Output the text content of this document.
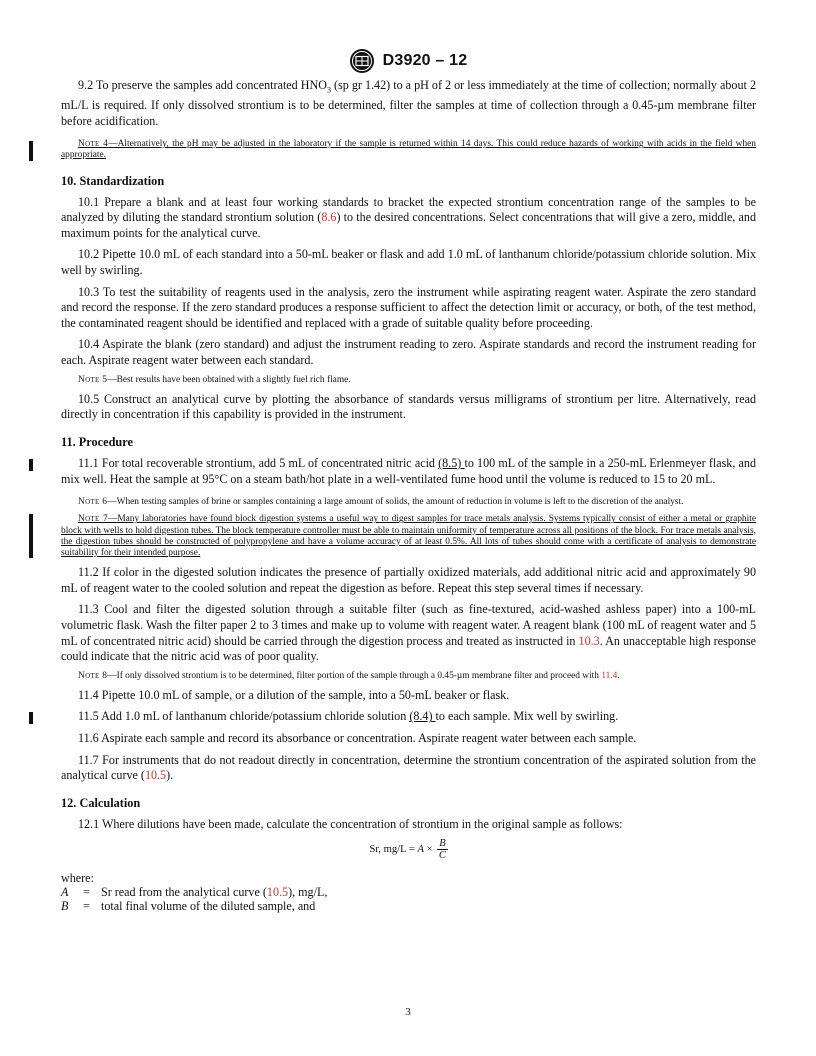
D3920 – 12

9.2 To preserve the samples add concentrated $HNO_3$ (sp gr 1.42) to a pH of 2 or less immediately at the time of collection; normally about 2 mL/L is required. If only dissolved strontium is to be determined, filter the samples at time of collection through a 0.45-µm membrane filter before acidification.

Note 4—Alternatively, the pH may be adjusted in the laboratory if the sample is returned within 14 days. This could reduce hazards of working with acids in the field when appropriate.

10. Standardization

10.1 Prepare a blank and at least four working standards to bracket the expected strontium concentration range of the samples to be analyzed by diluting the standard strontium solution (8.6) to the desired concentrations. Select concentrations that will give a zero, middle, and maximum points for the analytical curve.

10.2 Pipette 10.0 mL of each standard into a 50-mL beaker or flask and add 1.0 mL of lanthanum chloride/potassium chloride solution. Mix well by swirling.

10.3 To test the suitability of reagents used in the analysis, zero the instrument while aspirating reagent water. Aspirate the zero standard and record the response. If the zero standard produces a response sufficient to affect the detection limit or accuracy, or both, of the test method, the contaminated reagent should be identified and replaced with a grade of suitable quality before proceeding.

10.4 Aspirate the blank (zero standard) and adjust the instrument reading to zero. Aspirate standards and record the instrument reading for each. Aspirate reagent water between each standard.

Note 5—Best results have been obtained with a slightly fuel rich flame.

10.5 Construct an analytical curve by plotting the absorbance of standards versus milligrams of strontium per litre. Alternatively, read directly in concentration if this capability is provided in the instrument.

11. Procedure

11.1 For total recoverable strontium, add 5 mL of concentrated nitric acid (8.5) to 100 mL of the sample in a 250-mL Erlenmeyer flask, and mix well. Heat the sample at 95°C on a steam bath/hot plate in a well-ventilated fume hood until the volume is reduced to 15 to 20 mL.

Note 6—When testing samples of brine or samples containing a large amount of solids, the amount of reduction in volume is left to the discretion of the analyst.

Note 7—Many laboratories have found block digestion systems a useful way to digest samples for trace metals analysis. Systems typically consist of either a metal or graphite block with wells to hold digestion tubes. The block temperature controller must be able to maintain uniformity of temperature across all positions of the block. For trace metals analysis, the digestion tubes should be constructed of polypropylene and have a volume accuracy of at least 0.5%. All lots of tubes should come with a certificate of analysis to demonstrate suitability for their intended purpose.

11.2 If color in the digested solution indicates the presence of partially oxidized materials, add additional nitric acid and approximately 90 mL of reagent water to the cooled solution and repeat the digestion as before. Repeat this step several times if necessary.

11.3 Cool and filter the digested solution through a suitable filter (such as fine-textured, acid-washed ashless paper) into a 100-mL volumetric flask. Wash the filter paper 2 to 3 times and make up to volume with reagent water. A reagent blank (100 mL of reagent water and 5 mL of concentrated nitric acid) should be carried through the digestion process and treated as instructed in 10.3. An unacceptable high response could indicate that the nitric acid was of poor quality.

Note 8—If only dissolved strontium is to be determined, filter portion of the sample through a 0.45-µm membrane filter and proceed with 11.4.

11.4 Pipette 10.0 mL of sample, or a dilution of the sample, into a 50-mL beaker or flask.

11.5 Add 1.0 mL of lanthanum chloride/potassium chloride solution (8.4) to each sample. Mix well by swirling.

11.6 Aspirate each sample and record its absorbance or concentration. Aspirate reagent water between each sample.

11.7 For instruments that do not readout directly in concentration, determine the strontium concentration of the aspirated solution from the analytical curve (10.5).

12. Calculation

12.1 Where dilutions have been made, calculate the concentration of strontium in the original sample as follows:

Sr, $mg/L = A \times \frac{B}{C}$
where:
A	= Sr read from the analytical curve (10.5), mg/L,
B	= total final volume of the diluted sample, and
3
